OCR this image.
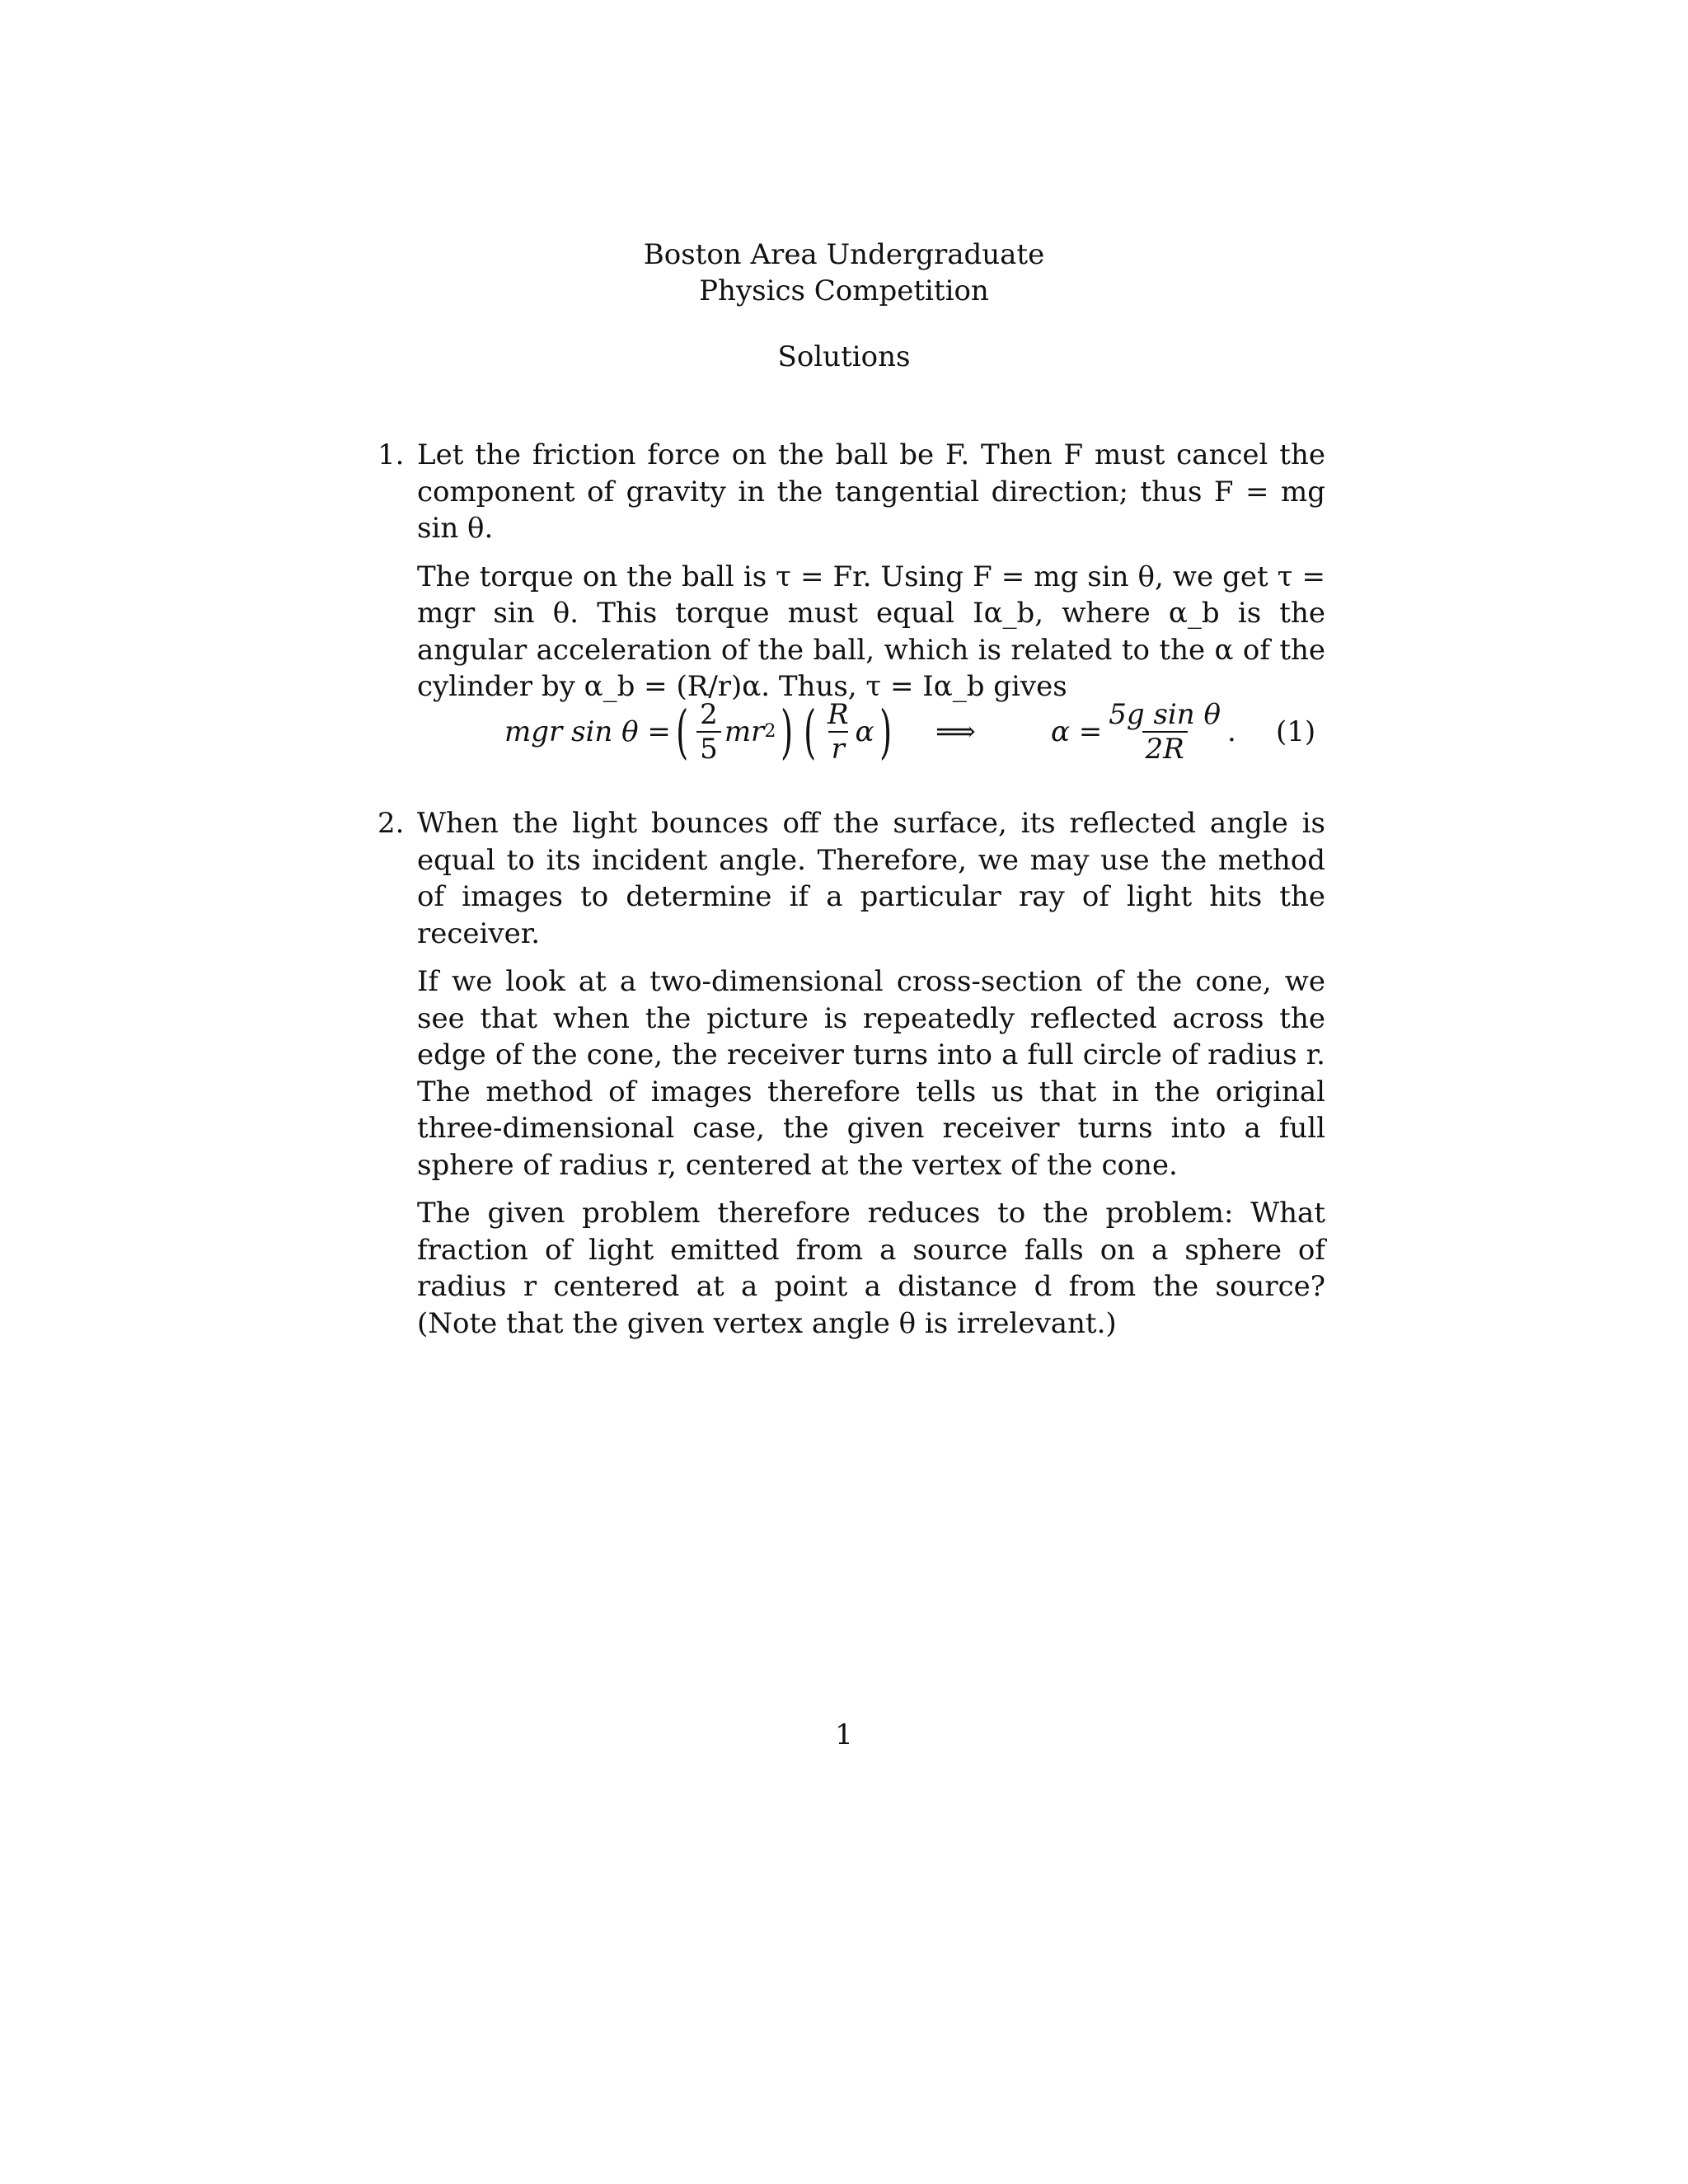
Boston Area Undergraduate
Physics Competition
Solutions
1. Let the friction force on the ball be F. Then F must cancel the component of gravity in the tangential direction; thus F = mg sin θ.

The torque on the ball is τ = Fr. Using F = mg sin θ, we get τ = mgr sin θ. This torque must equal Iα_b, where α_b is the angular acceleration of the ball, which is related to the α of the cylinder by α_b = (R/r)α. Thus, τ = Iα_b gives

mgr sin θ = ( $\frac{2}{5}$ mr 2 ) ( $\frac{R}{r}$ α ) ⟹	$\alpha = \frac{\text{5g sin θ}}{2R}$ . (1)
2. When the light bounces off the surface, its reflected angle is equal to its incident angle. Therefore, we may use the method of images to determine if a particular ray of light hits the receiver.

If we look at a two-dimensional cross-section of the cone, we see that when the picture is repeatedly reflected across the edge of the cone, the receiver turns into a full circle of radius r. The method of images therefore tells us that in the original three-dimensional case, the given receiver turns into a full sphere of radius r, centered at the vertex of the cone.

The given problem therefore reduces to the problem: What fraction of light emitted from a source falls on a sphere of radius r centered at a point a distance d from the source? (Note that the given vertex angle θ is irrelevant.)

1
